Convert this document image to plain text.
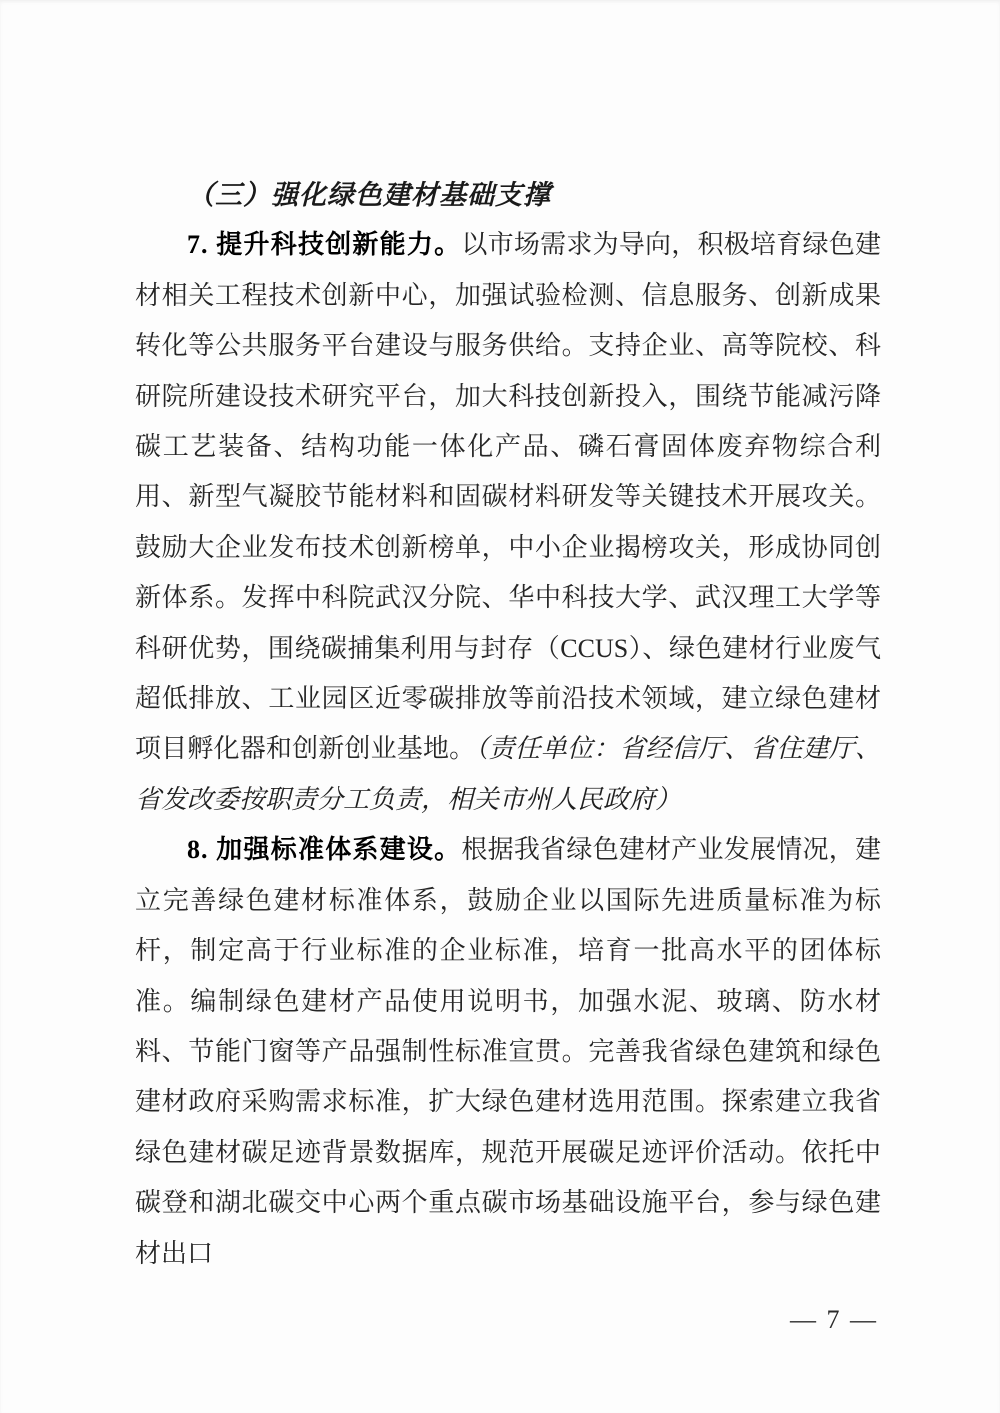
（三）强化绿色建材基础支撑

7. 提升科技创新能力。以市场需求为导向，积极培育绿色建材相关工程技术创新中心，加强试验检测、信息服务、创新成果转化等公共服务平台建设与服务供给。支持企业、高等院校、科研院所建设技术研究平台，加大科技创新投入，围绕节能减污降碳工艺装备、结构功能一体化产品、磷石膏固体废弃物综合利用、新型气凝胶节能材料和固碳材料研发等关键技术开展攻关。鼓励大企业发布技术创新榜单，中小企业揭榜攻关，形成协同创新体系。发挥中科院武汉分院、华中科技大学、武汉理工大学等科研优势，围绕碳捕集利用与封存（CCUS）、绿色建材行业废气超低排放、工业园区近零碳排放等前沿技术领域，建立绿色建材项目孵化器和创新创业基地。（责任单位：省经信厅、省住建厅、省发改委按职责分工负责，相关市州人民政府）

8. 加强标准体系建设。根据我省绿色建材产业发展情况，建立完善绿色建材标准体系，鼓励企业以国际先进质量标准为标杆，制定高于行业标准的企业标准，培育一批高水平的团体标准。编制绿色建材产品使用说明书，加强水泥、玻璃、防水材料、节能门窗等产品强制性标准宣贯。完善我省绿色建筑和绿色建材政府采购需求标准，扩大绿色建材选用范围。探索建立我省绿色建材碳足迹背景数据库，规范开展碳足迹评价活动。依托中碳登和湖北碳交中心两个重点碳市场基础设施平台，参与绿色建材出口

— 7 —
